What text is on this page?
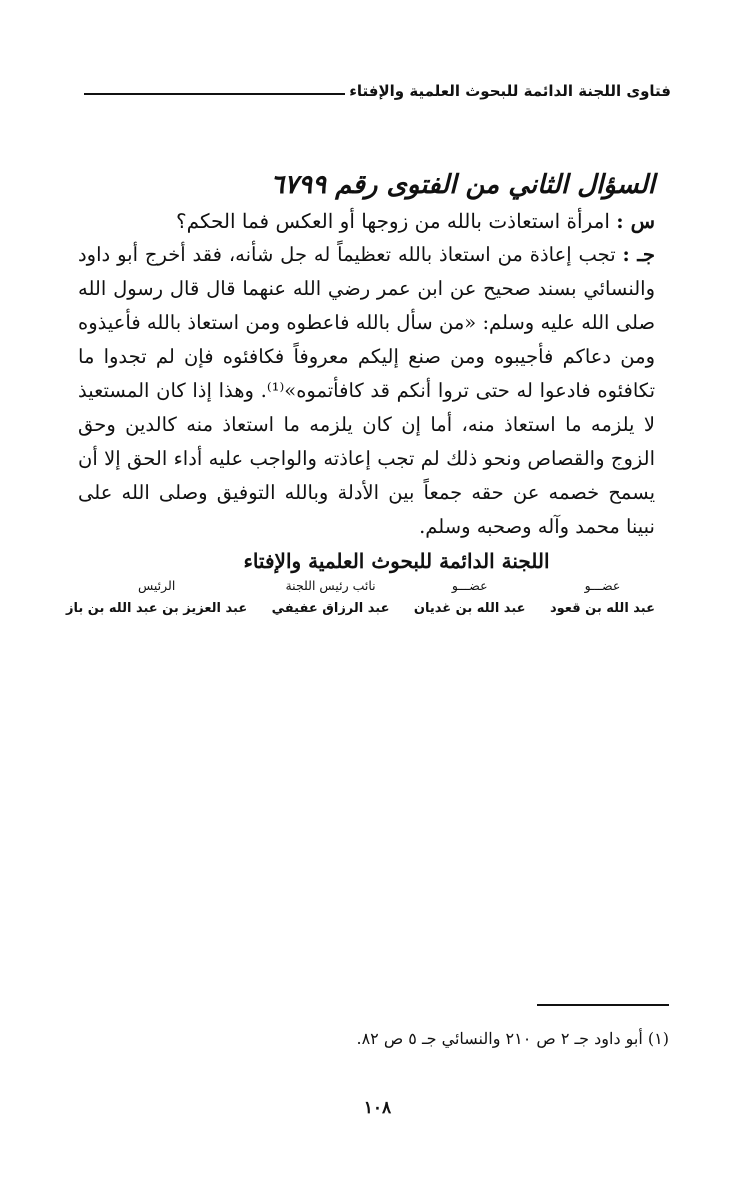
فتاوى اللجنة الدائمة للبحوث العلمية والإفتاء

السؤال الثاني من الفتوى رقم ٦٧٩٩

س : امرأة استعاذت بالله من زوجها أو العكس فما الحكم؟

جـ : تجب إعاذة من استعاذ بالله تعظيماً له جل شأنه، فقد أخرج أبو داود والنسائي بسند صحيح عن ابن عمر رضي الله عنهما قال قال رسول الله صلى الله عليه وسلم: «من سأل بالله فاعطوه ومن استعاذ بالله فأعيذوه ومن دعاكم فأجيبوه ومن صنع إليكم معروفاً فكافئوه فإن لم تجدوا ما تكافئوه فادعوا له حتى تروا أنكم قد كافأتموه»⁽¹⁾. وهذا إذا كان المستعيذ لا يلزمه ما استعاذ منه، أما إن كان يلزمه ما استعاذ منه كالدين وحق الزوج والقصاص ونحو ذلك لم تجب إعاذته والواجب عليه أداء الحق إلا أن يسمح خصمه عن حقه جمعاً بين الأدلة وبالله التوفيق وصلى الله على نبينا محمد وآله وصحبه وسلم.

اللجنة الدائمة للبحوث العلمية والإفتاء

عضـــو
عبد الله بن قعود
عضـــو
عبد الله بن غديان
نائب رئيس اللجنة
عبد الرزاق عفيفي
الرئيس
عبد العزيز بن عبد الله بن باز
(١) أبو داود جـ ٢ ص ٢١٠ والنسائي جـ ٥ ص ٨٢.
١٠٨
